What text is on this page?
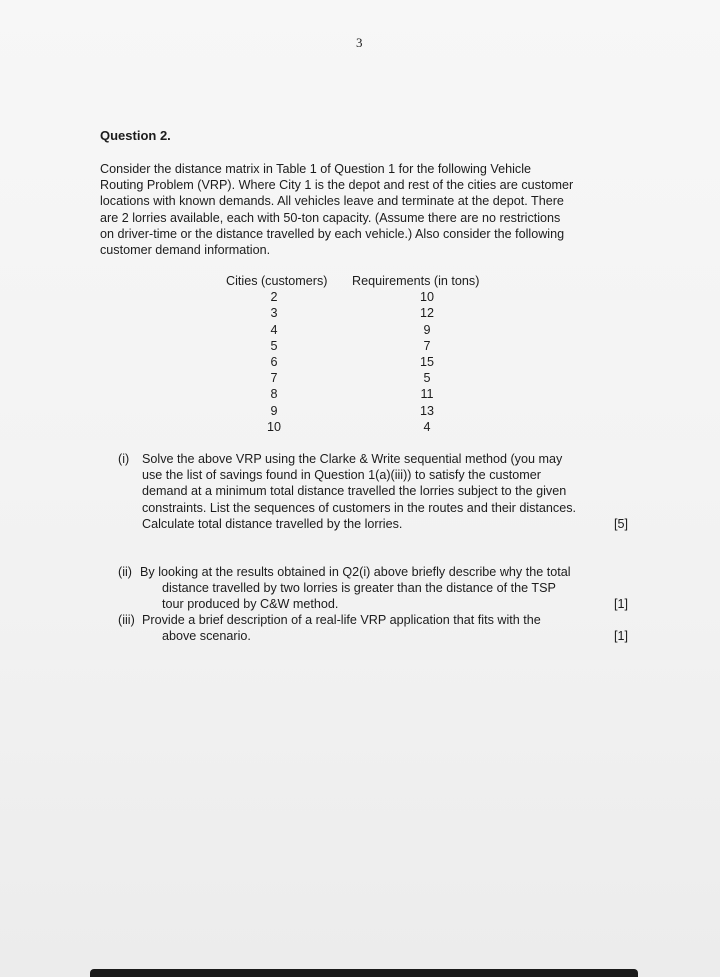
3
Question 2.
Consider the distance matrix in Table 1 of Question 1 for the following Vehicle
Routing Problem (VRP). Where City 1 is the depot and rest of the cities are customer
locations with known demands. All vehicles leave and terminate at the depot. There
are 2 lorries available, each with 50-ton capacity. (Assume there are no restrictions
on driver-time or the distance travelled by each vehicle.) Also consider the following
customer demand information.
Cities (customers)	Requirements (in tons)
2	10
3	12
4	9
5	7
6	15
7	5
8	11
9	13
10	4
(i)	Solve the above VRP using the Clarke & Write sequential method (you may
use the list of savings found in Question 1(a)(iii)) to satisfy the customer
demand at a minimum total distance travelled the lorries subject to the given
constraints. List the sequences of customers in the routes and their distances.
Calculate total distance travelled by the lorries.	[5]
(ii) By looking at the results obtained in Q2(i) above briefly describe why the total
distance travelled by two lorries is greater than the distance of the TSP
tour produced by C&W method.	[1]
(iii) Provide a brief description of a real-life VRP application that fits with the
above scenario.	[1]
